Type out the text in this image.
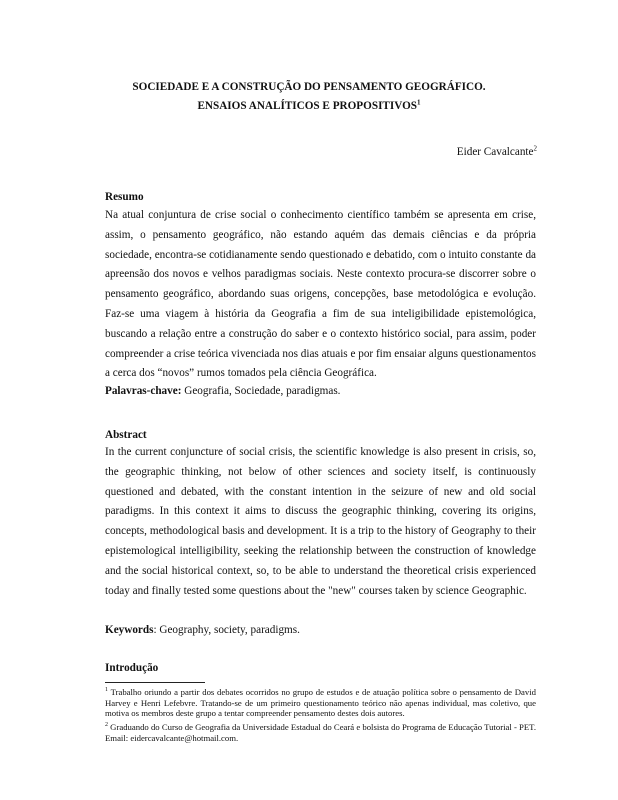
SOCIEDADE E A CONSTRUÇÃO DO PENSAMENTO GEOGRÁFICO.
ENSAIOS ANALÍTICOS E PROPOSITIVOS$^1$
Eider Cavalcante$^2$
Resumo

Na atual conjuntura de crise social o conhecimento científico também se apresenta em crise, assim, o pensamento geográfico, não estando aquém das demais ciências e da própria sociedade, encontra-se cotidianamente sendo questionado e debatido, com o intuito constante da apreensão dos novos e velhos paradigmas sociais. Neste contexto procura-se discorrer sobre o pensamento geográfico, abordando suas origens, concepções, base metodológica e evolução. Faz-se uma viagem à história da Geografia a fim de sua inteligibilidade epistemológica, buscando a relação entre a construção do saber e o contexto histórico social, para assim, poder compreender a crise teórica vivenciada nos dias atuais e por fim ensaiar alguns questionamentos a cerca dos “novos” rumos tomados pela ciência Geográfica.

Palavras-chave: Geografia, Sociedade, paradigmas.
Abstract

In the current conjuncture of social crisis, the scientific knowledge is also present in crisis, so, the geographic thinking, not below of other sciences and society itself, is continuously questioned and debated, with the constant intention in the seizure of new and old social paradigms. In this context it aims to discuss the geographic thinking, covering its origins, concepts, methodological basis and development. It is a trip to the history of Geography to their epistemological intelligibility, seeking the relationship between the construction of knowledge and the social historical context, so, to be able to understand the theoretical crisis experienced today and finally tested some questions about the "new" courses taken by science Geographic.

Keywords: Geography, society, paradigms.
Introdução

$^1$ Trabalho oriundo a partir dos debates ocorridos no grupo de estudos e de atuação política sobre o pensamento de David Harvey e Henri Lefebvre. Tratando-se de um primeiro questionamento teórico não apenas individual, mas coletivo, que motiva os membros deste grupo a tentar compreender pensamento destes dois autores.

$^2$ Graduando do Curso de Geografia da Universidade Estadual do Ceará e bolsista do Programa de Educação Tutorial - PET. Email: eidercavalcante@hotmail.com.
